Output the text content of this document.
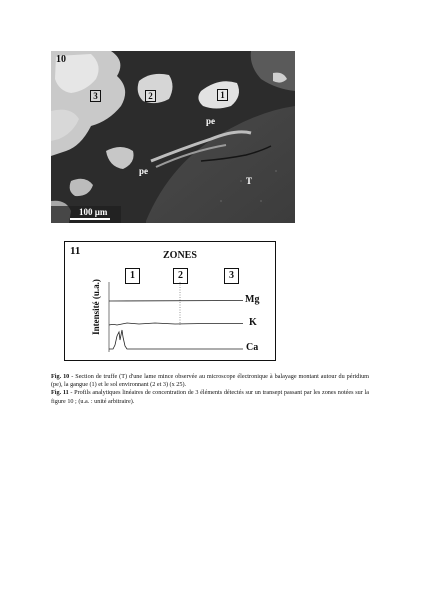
10
3	2	1
pe
pe
T
100 µm
11	ZONES
1	2	3
Intensité (u.a.)	Mg
K
Ca

Fig. 10 - Section de truffe (T) d'une lame mince observée au microscope électronique à balayage montant autour du péridium (pe), la gangue (1) et le sol environnant (2 et 3) (x 25).

Fig. 11 - Profils analytiques linéaires de concentration de 3 éléments détectés sur un transept passant par les zones notées sur la figure 10 ; (u.a. : unité arbitraire).
